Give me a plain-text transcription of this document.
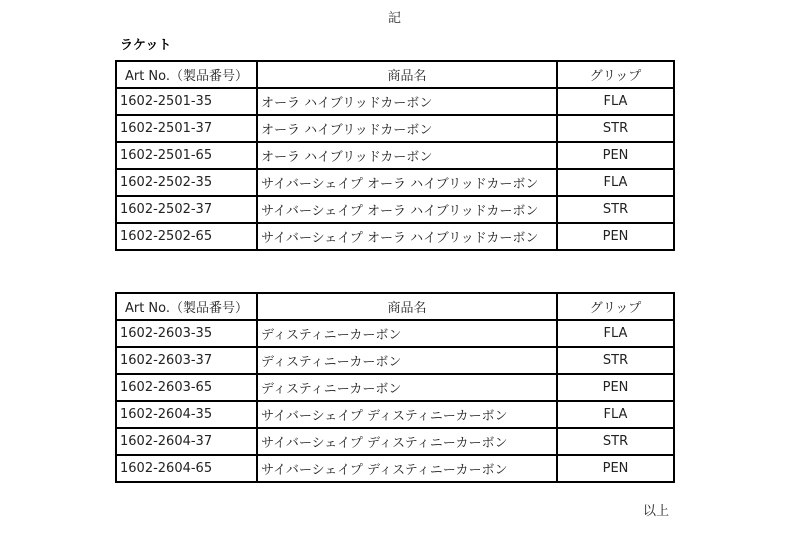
記
ラケット
Art No.（製品番号）	商品名	グリップ
1602-2501-35	オーラ ハイブリッドカーボン	FLA
1602-2501-37	オーラ ハイブリッドカーボン	STR
1602-2501-65	オーラ ハイブリッドカーボン	PEN
1602-2502-35	サイバーシェイプ オーラ ハイブリッドカーボン	FLA
1602-2502-37	サイバーシェイプ オーラ ハイブリッドカーボン	STR
1602-2502-65	サイバーシェイプ オーラ ハイブリッドカーボン	PEN
Art No.（製品番号）	商品名	グリップ
1602-2603-35	ディスティニーカーボン	FLA
1602-2603-37	ディスティニーカーボン	STR
1602-2603-65	ディスティニーカーボン	PEN
1602-2604-35	サイバーシェイプ ディスティニーカーボン	FLA
1602-2604-37	サイバーシェイプ ディスティニーカーボン	STR
1602-2604-65	サイバーシェイプ ディスティニーカーボン	PEN
以上
